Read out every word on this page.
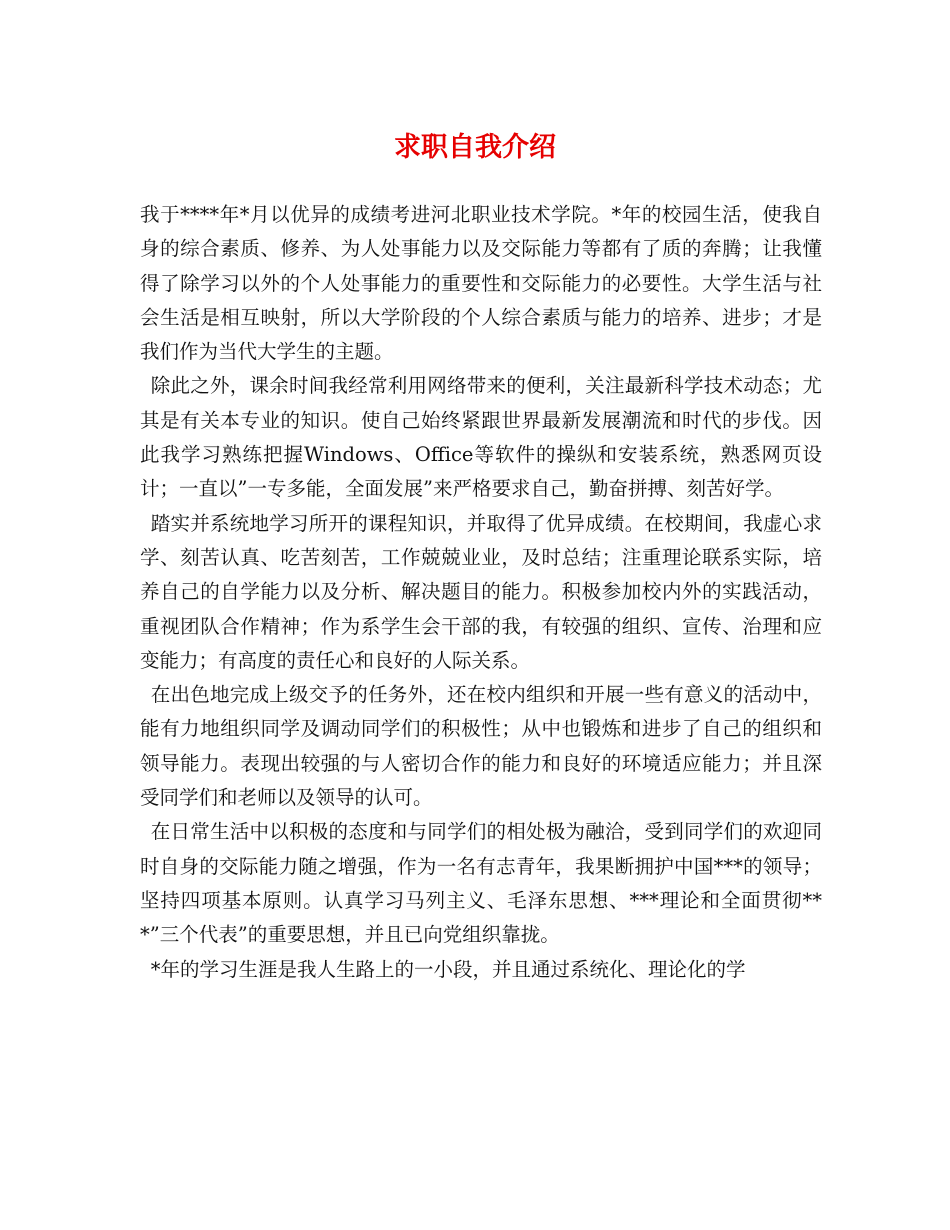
求职自我介绍

我于****年*月以优异的成绩考进河北职业技术学院。*年的校园生活，使我自身的综合素质、修养、为人处事能力以及交际能力等都有了质的奔腾；让我懂得了除学习以外的个人处事能力的重要性和交际能力的必要性。大学生活与社会生活是相互映射，所以大学阶段的个人综合素质与能力的培养、进步；才是我们作为当代大学生的主题。

除此之外，课余时间我经常利用网络带来的便利，关注最新科学技术动态；尤其是有关本专业的知识。使自己始终紧跟世界最新发展潮流和时代的步伐。因此我学习熟练把握Windows、Office等软件的操纵和安装系统，熟悉网页设计；一直以”一专多能，全面发展”来严格要求自己，勤奋拼搏、刻苦好学。

踏实并系统地学习所开的课程知识，并取得了优异成绩。在校期间，我虚心求学、刻苦认真、吃苦刻苦，工作兢兢业业，及时总结；注重理论联系实际，培养自己的自学能力以及分析、解决题目的能力。积极参加校内外的实践活动，重视团队合作精神；作为系学生会干部的我，有较强的组织、宣传、治理和应变能力；有高度的责任心和良好的人际关系。

在出色地完成上级交予的任务外，还在校内组织和开展一些有意义的活动中，能有力地组织同学及调动同学们的积极性；从中也锻炼和进步了自己的组织和领导能力。表现出较强的与人密切合作的能力和良好的环境适应能力；并且深受同学们和老师以及领导的认可。

在日常生活中以积极的态度和与同学们的相处极为融洽，受到同学们的欢迎同时自身的交际能力随之增强，作为一名有志青年，我果断拥护中国***的领导；坚持四项基本原则。认真学习马列主义、毛泽东思想、***理论和全面贯彻***”三个代表”的重要思想，并且已向党组织靠拢。

*年的学习生涯是我人生路上的一小段，并且通过系统化、理论化的学
